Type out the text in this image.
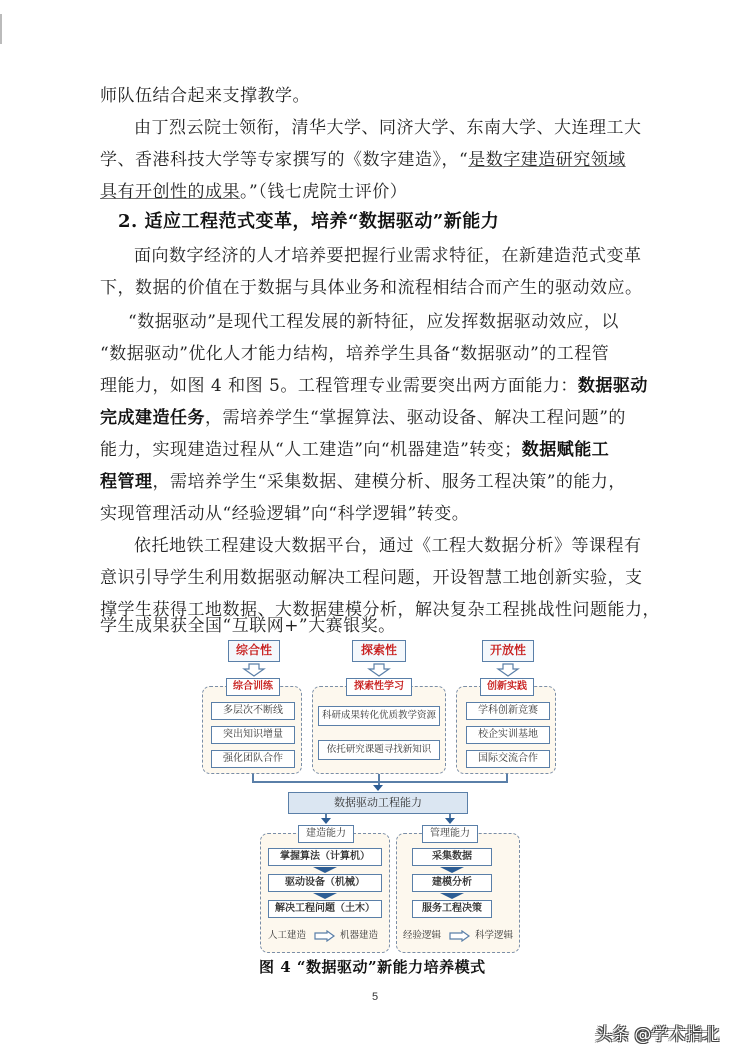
师队伍结合起来支撑教学。
由丁烈云院士领衔，清华大学、同济大学、东南大学、大连理工大
学、香港科技大学等专家撰写的《数字建造》，“是数字建造研究领域
具有开创性的成果。”（钱七虎院士评价）
2. 适应工程范式变革，培养“数据驱动”新能力
面向数字经济的人才培养要把握行业需求特征，在新建造范式变革
下，数据的价值在于数据与具体业务和流程相结合而产生的驱动效应。
“数据驱动”是现代工程发展的新特征，应发挥数据驱动效应，以
“数据驱动”优化人才能力结构，培养学生具备“数据驱动”的工程管
理能力，如图 4 和图 5。工程管理专业需要突出两方面能力：数据驱动
完成建造任务，需培养学生“掌握算法、驱动设备、解决工程问题”的
能力，实现建造过程从“人工建造”向“机器建造”转变；数据赋能工
程管理，需培养学生“采集数据、建模分析、服务工程决策”的能力，
实现管理活动从“经验逻辑”向“科学逻辑”转变。
依托地铁工程建设大数据平台，通过《工程大数据分析》等课程有
意识引导学生利用数据驱动解决工程问题，开设智慧工地创新实验，支
撑学生获得工地数据、大数据建模分析，解决复杂工程挑战性问题能力，
综合性
综合训练
多层次不断线
突出知识增量
强化团队合作
探索性
探索性学习
科研成果转化优质教学资源
依托研究课题寻找新知识
开放性
创新实践
学科创新竞赛
校企实训基地
国际交流合作
数据驱动工程能力
建造能力
掌握算法（计算机）
驱动设备（机械）
解决工程问题（土木）
人工建造	机器建造
管理能力
采集数据
建模分析
服务工程决策
经验逻辑	科学逻辑
学生成果获全国“互联网+”大赛银奖。
图 4 “数据驱动”新能力培养模式
5
头条 @学术指北
